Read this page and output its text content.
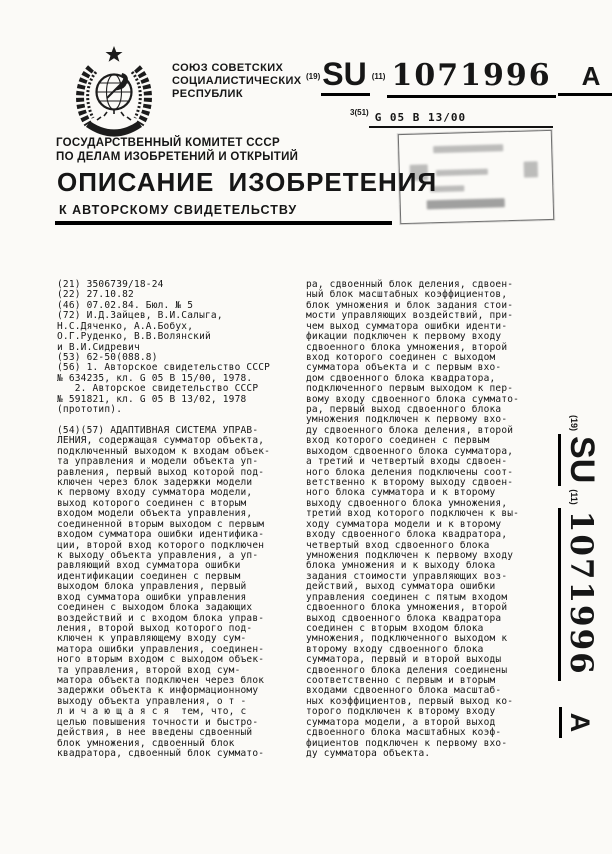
СОЮЗ СОВЕТСКИХ
СОЦИАЛИСТИЧЕСКИХ
РЕСПУБЛИК
$^{(19)}$SU $^{(11)}$ 1071996 A
$^{3(51)}$ G 05 B 13/00
ГОСУДАРСТВЕННЫЙ КОМИТЕТ СССР
ПО ДЕЛАМ ИЗОБРЕТЕНИЙ И ОТКРЫТИЙ
ОПИСАНИЕ ИЗОБРЕТЕНИЯ
К АВТОРСКОМУ СВИДЕТЕЛЬСТВУ
(21) 3506739/18-24
(22) 27.10.82
(46) 07.02.84. Бюл. № 5
(72) И.Д.Зайцев, В.И.Салыга,
Н.С.Дяченко, А.А.Бобух,
О.Г.Руденко, В.В.Волянский
и В.И.Сидревич
(53) 62-50(088.8)
(56) 1. Авторское свидетельство СССР
№ 634235, кл. G 05 B 15/00, 1978.
2. Авторское свидетельство СССР
№ 591821, кл. G 05 B 13/02, 1978
(прототип).

(54)(57) АДАПТИВНАЯ СИСТЕМА УПРАВ-
ЛЕНИЯ, содержащая сумматор объекта,
подключенный выходом к входам объек-
та управления и модели объекта уп-
равления, первый выход которой под-
ключен через блок задержки модели
к первому входу сумматора модели,
выход которого соединен с вторым
входом модели объекта управления,
соединенной вторым выходом с первым
входом сумматора ошибки идентифика-
ции, второй вход которого подключен
к выходу объекта управления, а уп-
равляющий вход сумматора ошибки
идентификации соединен с первым
выходом блока управления, первый
вход сумматора ошибки управления
соединен с выходом блока задающих
воздействий и с входом блока управ-
ления, второй выход которого под-
ключен к управляющему входу сум-
матора ошибки управления, соединен-
ного вторым входом с выходом объек-
та управления, второй вход сум-
матора объекта подключен через блок
задержки объекта к информационному
выходу объекта управления, о т -
л и ч а ю щ а я с я  тем, что, с
целью повышения точности и быстро-
действия, в нее введены сдвоенный
блок умножения, сдвоенный блок
квадратора, сдвоенный блок суммато-
ра, сдвоенный блок деления, сдвоен-
ный блок масштабных коэффициентов,
блок умножения и блок задания стои-
мости управляющих воздействий, при-
чем выход сумматора ошибки иденти-
фикации подключен к первому входу
сдвоенного блока умножения, второй
вход которого соединен с выходом
сумматора объекта и с первым вхо-
дом сдвоенного блока квадратора,
подключенного первым выходом к пер-
вому входу сдвоенного блока суммато-
ра, первый выход сдвоенного блока
умножения подключен к первому вхо-
ду сдвоенного блока деления, второй
вход которого соединен с первым
выходом сдвоенного блока сумматора,
а третий и четвертый входы сдвоен-
ного блока деления подключены соот-
ветственно к второму выходу сдвоен-
ного блока сумматора и к второму
выходу сдвоенного блока умножения,
третий вход которого подключен к вы-
ходу сумматора модели и к второму
входу сдвоенного блока квадратора,
четвертый вход сдвоенного блока
умножения подключен к первому входу
блока умножения и к выходу блока
задания стоимости управляющих воз-
действий, выход сумматора ошибки
управления соединен с пятым входом
сдвоенного блока умножения, второй
выход сдвоенного блока квадратора
соединен с вторым входом блока
умножения, подключенного выходом к
второму входу сдвоенного блока
сумматора, первый и второй выходы
сдвоенного блока деления соединены
соответственно с первым и вторым
входами сдвоенного блока масштаб-
ных коэффициентов, первый выход ко-
торого подключен к второму входу
сумматора модели, а второй выход
сдвоенного блока масштабных коэф-
фициентов подключен к первому вхо-
ду сумматора объекта.
(19)
SU
(11)
1071996
A
